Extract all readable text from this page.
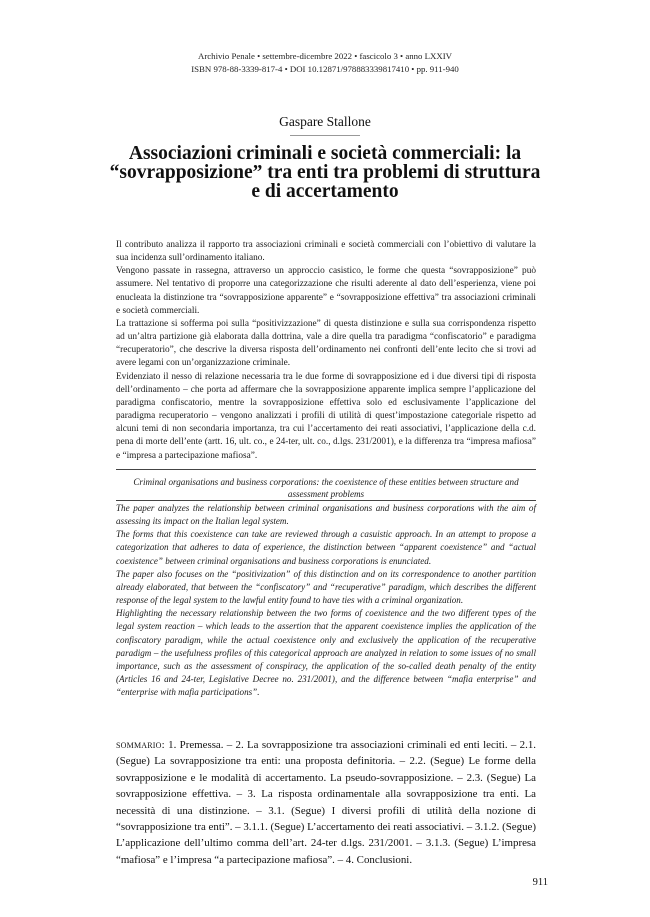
Archivio Penale • settembre-dicembre 2022 • fascicolo 3 • anno LXXIV
ISBN 978-88-3339-817-4 • DOI 10.12871/97888333981741​0 • pp. 911-940
Gaspare Stallone
Associazioni criminali e società commerciali: la
“sovrapposizione” tra enti tra problemi di struttura
e di accertamento

Il contributo analizza il rapporto tra associazioni criminali e società commerciali con l’obiettivo di valutare la sua incidenza sull’ordinamento italiano.

Vengono passate in rassegna, attraverso un approccio casistico, le forme che questa “sovrapposizione” può assumere. Nel tentativo di proporre una categorizzazione che risulti aderente al dato dell’esperienza, viene poi enucleata la distinzione tra “sovrapposizione apparente” e “sovrapposizione effettiva” tra associazioni criminali e società commerciali.

La trattazione si sofferma poi sulla “positivizzazione” di questa distinzione e sulla sua corrispondenza rispetto ad un’altra partizione già elaborata dalla dottrina, vale a dire quella tra paradigma “confiscatorio” e paradigma “recuperatorio”, che descrive la diversa risposta dell’ordinamento nei confronti dell’ente lecito che si trovi ad avere legami con un’organizzazione criminale.

Evidenziato il nesso di relazione necessaria tra le due forme di sovrapposizione ed i due diversi tipi di risposta dell’ordinamento – che porta ad affermare che la sovrapposizione apparente implica sempre l’applicazione del paradigma confiscatorio, mentre la sovrapposizione effettiva solo ed esclusivamente l’applicazione del paradigma recuperatorio – vengono analizzati i profili di utilità di quest’impostazione categoriale rispetto ad alcuni temi di non secondaria importanza, tra cui l’accertamento dei reati associativi, l’applicazione della c.d. pena di morte dell’ente (artt. 16, ult. co., e 24-ter, ult. co., d.lgs. 231/2001), e la differenza tra “impresa mafiosa” e “impresa a partecipazione mafiosa”.

Criminal organisations and business corporations: the coexistence of these entities between structure and assessment problems

The paper analyzes the relationship between criminal organisations and business corporations with the aim of assessing its impact on the Italian legal system.

The forms that this coexistence can take are reviewed through a casuistic approach. In an attempt to propose a categorization that adheres to data of experience, the distinction between “apparent coexistence” and “actual coexistence” between criminal organisations and business corporations is enunciated.

The paper also focuses on the “positivization” of this distinction and on its correspondence to another partition already elaborated, that between the “confiscatory” and “recuperative” paradigm, which describes the different response of the legal system to the lawful entity found to have ties with a criminal organization.

Highlighting the necessary relationship between the two forms of coexistence and the two different types of the legal system reaction – which leads to the assertion that the apparent coexistence implies the application of the confiscatory paradigm, while the actual coexistence only and exclusively the application of the recuperative paradigm – the usefulness profiles of this categorical approach are analyzed in relation to some issues of no small importance, such as the assessment of conspiracy, the application of the so-called death penalty of the entity (Articles 16 and 24-ter, Legislative Decree no. 231/2001), and the difference between “mafia enterprise” and “enterprise with mafia participations”.

sommario: 1. Premessa. – 2. La sovrapposizione tra associazioni criminali ed enti leciti. – 2.1. (Segue) La sovrapposizione tra enti: una proposta definitoria. – 2.2. (Segue) Le forme della sovrapposizione e le modalità di accertamento. La pseudo-sovrapposizione. – 2.3. (Segue) La sovrapposizione effettiva. – 3. La risposta ordinamentale alla sovrapposizione tra enti. La necessità di una distinzione. – 3.1. (Segue) I diversi profili di utilità della nozione di “sovrapposizione tra enti”. – 3.1.1. (Segue) L’accertamento dei reati associativi. – 3.1.2. (Segue) L’applicazione dell’ultimo comma dell’art. 24-ter d.lgs. 231/2001. – 3.1.3. (Segue) L’impresa “mafiosa” e l’impresa “a partecipazione mafiosa”. – 4. Conclusioni.
911
